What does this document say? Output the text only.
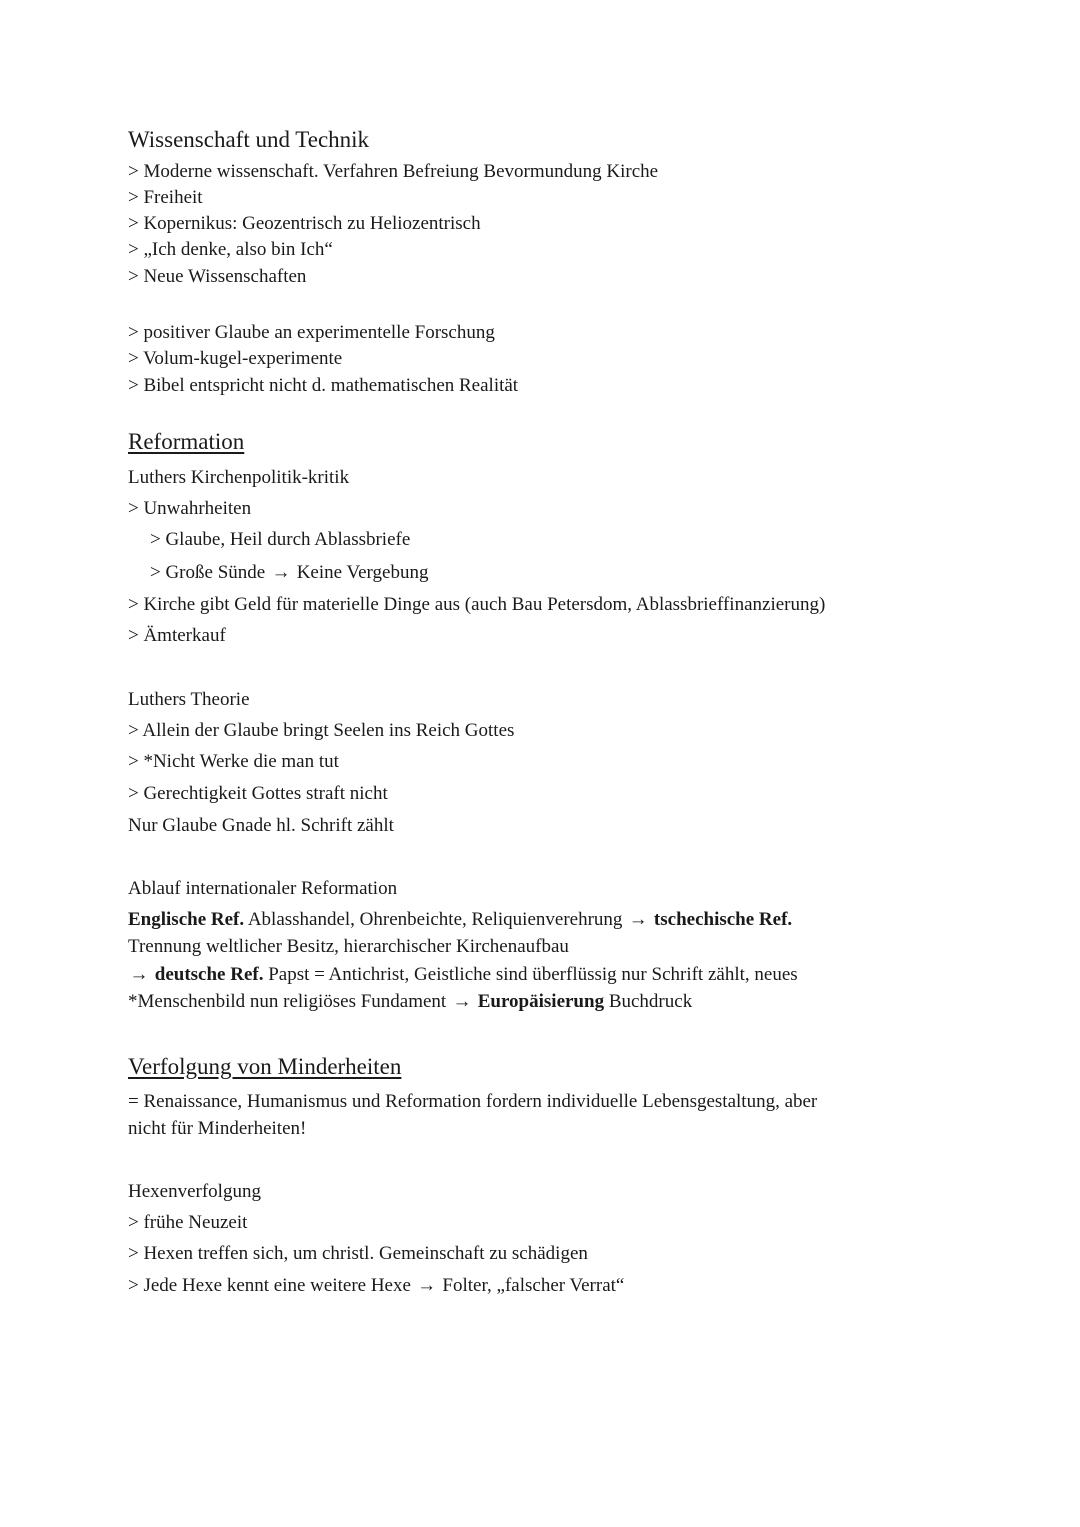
Wissenschaft und Technik
> Moderne wissenschaft. Verfahren Befreiung Bevormundung Kirche
> Freiheit
> Kopernikus: Geozentrisch zu Heliozentrisch
> „Ich denke, also bin Ich“
> Neue Wissenschaften
> positiver Glaube an experimentelle Forschung
> Volum-kugel-experimente
> Bibel entspricht nicht d. mathematischen Realität
Reformation
Luthers Kirchenpolitik-kritik
> Unwahrheiten
> Glaube, Heil durch Ablassbriefe
> Große Sünde → Keine Vergebung
> Kirche gibt Geld für materielle Dinge aus (auch Bau Petersdom, Ablassbrieffinanzierung)
> Ämterkauf
Luthers Theorie
> Allein der Glaube bringt Seelen ins Reich Gottes
> *Nicht Werke die man tut
> Gerechtigkeit Gottes straft nicht
Nur Glaube Gnade hl. Schrift zählt
Ablauf internationaler Reformation
Englische Ref. Ablasshandel, Ohrenbeichte, Reliquienverehrung → tschechische Ref.
Trennung weltlicher Besitz, hierarchischer Kirchenaufbau
→ deutsche Ref. Papst = Antichrist, Geistliche sind überflüssig nur Schrift zählt, neues
*Menschenbild nun religiöses Fundament → Europäisierung Buchdruck
Verfolgung von Minderheiten
= Renaissance, Humanismus und Reformation fordern individuelle Lebensgestaltung, aber
nicht für Minderheiten!
Hexenverfolgung
> frühe Neuzeit
> Hexen treffen sich, um christl. Gemeinschaft zu schädigen
> Jede Hexe kennt eine weitere Hexe → Folter, „falscher Verrat“
